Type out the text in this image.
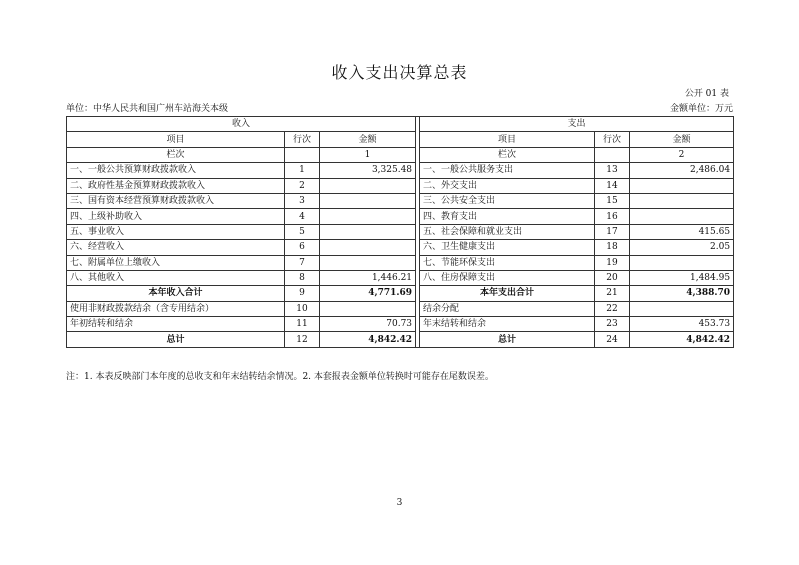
收入支出决算总表
公开 01 表
单位：中华人民共和国广州车站海关本级	金额单位：万元
收入				支出		
项目	行次	金额		项目	行次	金额
栏次		1		栏次		2
一、一般公共预算财政拨款收入	1	3,325.48		一、一般公共服务支出	13	2,486.04
二、政府性基金预算财政拨款收入	2			二、外交支出	14	
三、国有资本经营预算财政拨款收入	3			三、公共安全支出	15	
四、上级补助收入	4			四、教育支出	16	
五、事业收入	5			五、社会保障和就业支出	17	415.65
六、经营收入	6			六、卫生健康支出	18	2.05
七、附属单位上缴收入	7			七、节能环保支出	19	
八、其他收入	8	1,446.21		八、住房保障支出	20	1,484.95
本年收入合计	9	4,771.69		本年支出合计	21	4,388.70
使用非财政拨款结余（含专用结余）	10			结余分配	22	
年初结转和结余	11	70.73		年末结转和结余	23	453.73
总计	12	4,842.42		总计	24	4,842.42
注：1. 本表反映部门本年度的总收支和年末结转结余情况。2. 本套报表金额单位转换时可能存在尾数误差。
3
